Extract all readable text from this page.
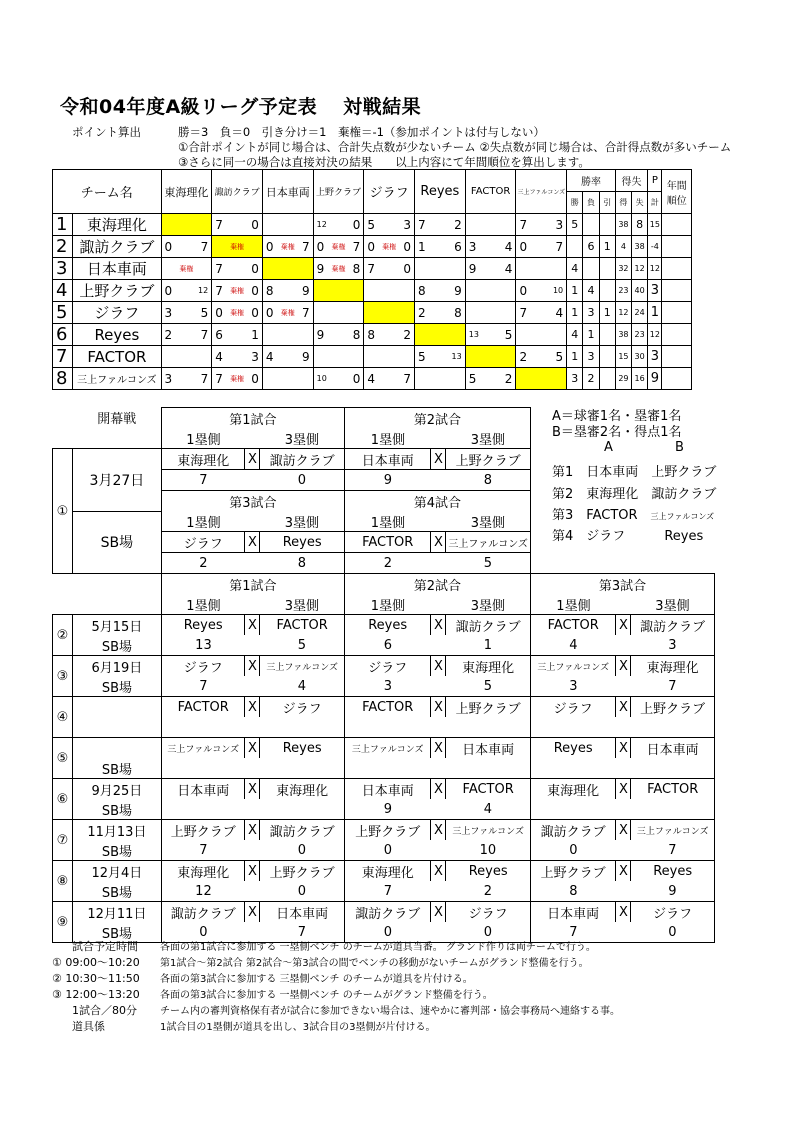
令和04年度A級リーグ予定表 対戦結果
ポイント算出	勝＝3　負＝0　引き分け＝1　棄権＝-1（参加ポイントは付与しない）
①合計ポイントが同じ場合は、合計失点数が少ないチーム ②失点数が同じ場合は、合計得点数が多いチーム
③さらに同一の場合は直接対決の結果　　以上内容にて年間順位を算出します。
チーム名		東海理化	諏訪クラブ	日本車両	上野クラブ	ジラフ	Reyes	FACTOR	三上ファルコンズ	勝率			得失		P	年間順位
										勝	負	引	得	失	計	
1	東海理化		7 0		12 0	5 3	7 2		7 3	5			38	8	15	
2	諏訪クラブ	0 7	棄権	0 棄権 7	0 棄権 7	0 棄権 0	1 6	3 4	0 7		6	1	4	38	-4	
3	日本車両	棄権	7 0		9 棄権 8	7 0		9 4		4			32	12	12	
4	上野クラブ	0 12	7 棄権 0	8 9			8 9		0 10	1	4		23	40	3	
5	ジラフ	3 5	0 棄権 0	0 棄権 7			2 8		7 4	1	3	1	12	24	1	
6	Reyes	2 7	6 1		9 8	8 2		13 5		4	1		38	23	12	
7	FACTOR		4 3	4 9			5 13		2 5	1	3		15	30	3	
8	三上ファルコンズ	3 7	7 棄権 0		10 0	4 7		5 2		3	2		29	16	9	
開幕戦		第1試合			第2試合					
		1塁側		3塁側	1塁側		3塁側			
①	3月27日	東海理化	X	諏訪クラブ	日本車両	X	上野クラブ			
		7		0	9		8			
		第3試合			第4試合					
	SB場	1塁側		3塁側	1塁側		3塁側			
		ジラフ	X	Reyes	FACTOR	X	三上ファルコンズ			
		2		8	2		5			
		第1試合			第2試合			第3試合		
		1塁側		3塁側	1塁側		3塁側	1塁側		3塁側
②	5月15日	Reyes	X	FACTOR	Reyes	X	諏訪クラブ	FACTOR	X	諏訪クラブ
	SB場	13		5	6		1	4		3
③	6月19日	ジラフ	X	三上ファルコンズ	ジラフ	X	東海理化	三上ファルコンズ	X	東海理化
	SB場	7		4	3		5	3		7
④		FACTOR	X	ジラフ	FACTOR	X	上野クラブ	ジラフ	X	上野クラブ

⑤		三上ファルコンズ	X	Reyes	三上ファルコンズ	X	日本車両	Reyes	X	日本車両
	SB場									
⑥	9月25日	日本車両	X	東海理化	日本車両	X	FACTOR	東海理化	X	FACTOR
	SB場				9		4			
⑦	11月13日	上野クラブ	X	諏訪クラブ	上野クラブ	X	三上ファルコンズ	諏訪クラブ	X	三上ファルコンズ
	SB場	7		0	0		10	0		7
⑧	12月4日	東海理化	X	上野クラブ	東海理化	X	Reyes	上野クラブ	X	Reyes
	SB場	12		0	7		2	8		9
⑨	12月11日	諏訪クラブ	X	日本車両	諏訪クラブ	X	ジラフ	日本車両	X	ジラフ
	SB場	0		7	0		0	7		0
A＝球審1名・塁審1名
B＝塁審2名・得点1名
A	B
第1　 日本車両　 上野クラブ
第2　 東海理化　 諏訪クラブ
第3　 FACTOR　 三上ファルコンズ
第4　 ジラフ　　　	Reyes
試合予定時間 各面の第1試合に参加する 一塁側ベンチ のチームが道具当番。 グランド作りは両チームで行う。
① 09:00～10:20 第1試合～第2試合 第2試合～第3試合の間でベンチの移動がないチームがグランド整備を行う。
② 10:30～11:50 各面の第3試合に参加する 三塁側ベンチ のチームが道具を片付ける。
③ 12:00～13:20 各面の第3試合に参加する 一塁側ベンチ のチームがグランド整備を行う。
1試合／80分 チーム内の審判資格保有者が試合に参加できない場合は、速やかに審判部・協会事務局へ連絡する事。
道具係	1試合目の1塁側が道具を出し、3試合目の3塁側が片付ける。
